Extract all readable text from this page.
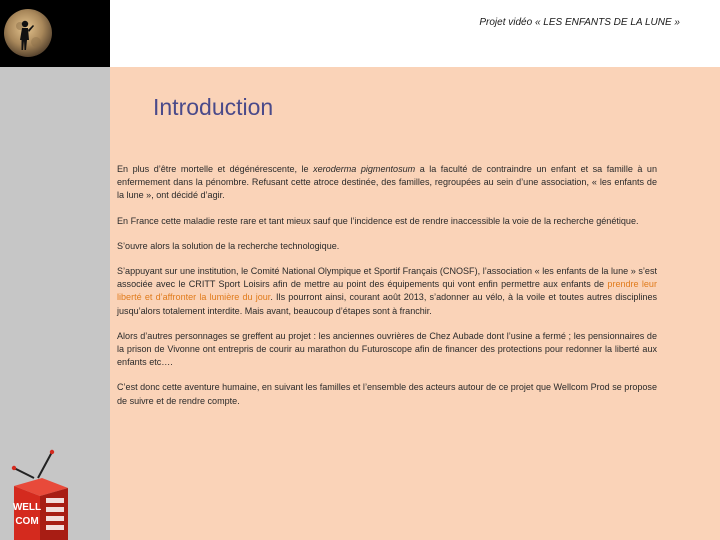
Projet vidéo « LES ENFANTS DE LA LUNE »
Introduction

En plus d’être mortelle et dégénérescente, le xeroderma pigmentosum a la faculté de contraindre un enfant et sa famille à un enfermement dans la pénombre. Refusant cette atroce destinée, des familles, regroupées au sein d’une association, « les enfants de la lune », ont décidé d’agir.

En France cette maladie reste rare et tant mieux sauf que l’incidence est de rendre inaccessible la voie de la recherche génétique.

S’ouvre alors la solution de la recherche technologique.

S’appuyant sur une institution, le Comité National Olympique et Sportif Français (CNOSF), l’association « les enfants de la lune » s’est associée avec le CRITT Sport Loisirs afin de mettre au point des équipements qui vont enfin permettre aux enfants de prendre leur liberté et d’affronter la lumière du jour. Ils pourront ainsi, courant août 2013, s’adonner au vélo, à la voile et toutes autres disciplines jusqu’alors totalement interdite. Mais avant, beaucoup d’étapes sont à franchir.

Alors d’autres personnages se greffent au projet : les anciennes ouvrières de Chez Aubade dont l’usine a fermé ; les pensionnaires de la prison de Vivonne ont entrepris de courir au marathon du Futuroscope afin de financer des protections pour redonner la liberté aux enfants etc….

C’est donc cette aventure humaine, en suivant les familles et l’ensemble des acteurs autour de ce projet que Wellcom Prod se propose de suivre et de rendre compte.

WELL
COM
